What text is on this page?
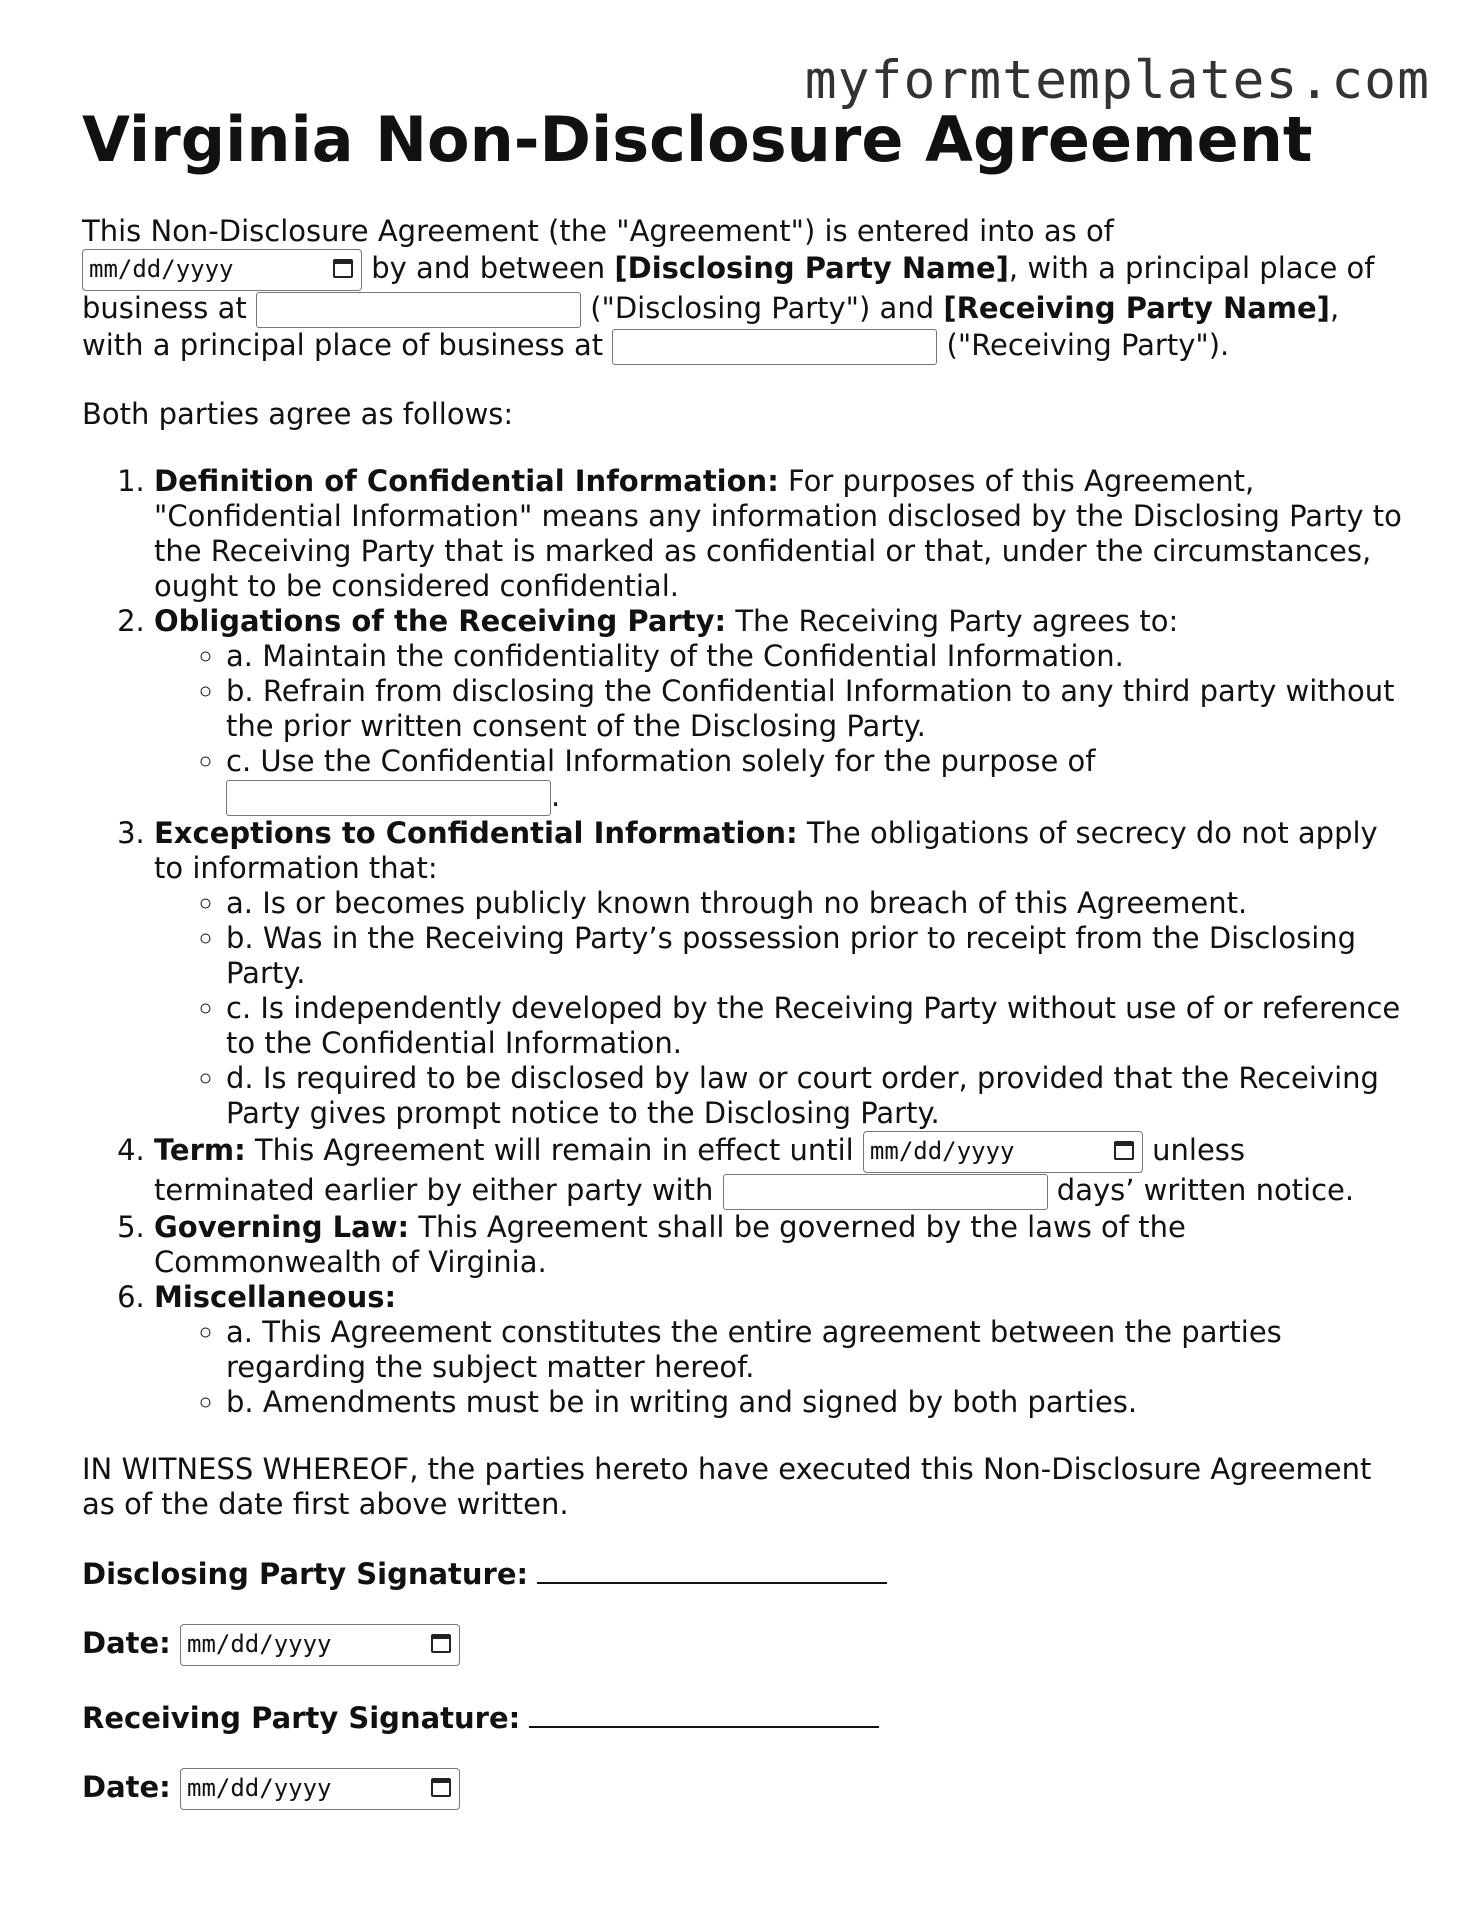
myformtemplates.com
Virginia Non-Disclosure Agreement

This Non-Disclosure Agreement (the "Agreement") is entered into as of
mm/dd/yyyy	by and between [Disclosing Party Name], with a principal place of business at	("Disclosing Party") and [Receiving Party Name], with a principal place of business at	("Receiving Party").

Both parties agree as follows:

1. Definition of Confidential Information: For purposes of this Agreement, "Confidential Information" means any information disclosed by the Disclosing Party to the Receiving Party that is marked as confidential or that, under the circumstances, ought to be considered confidential.
2. Obligations of the Receiving Party: The Receiving Party agrees to:
◦ a. Maintain the confidentiality of the Confidential Information.
◦ b. Refrain from disclosing the Confidential Information to any third party without the prior written consent of the Disclosing Party.
◦ c. Use the Confidential Information solely for the purpose of
.
3. Exceptions to Confidential Information: The obligations of secrecy do not apply to information that:
◦ a. Is or becomes publicly known through no breach of this Agreement.
◦ b. Was in the Receiving Party’s possession prior to receipt from the Disclosing Party.
◦ c. Is independently developed by the Receiving Party without use of or reference to the Confidential Information.
◦ d. Is required to be disclosed by law or court order, provided that the Receiving Party gives prompt notice to the Disclosing Party.
4. Term: This Agreement will remain in effect until mm/dd/yyyy	unless terminated earlier by either party with	days’ written notice.
5. Governing Law: This Agreement shall be governed by the laws of the Commonwealth of Virginia.
6. Miscellaneous:
◦ a. This Agreement constitutes the entire agreement between the parties regarding the subject matter hereof.
◦ b. Amendments must be in writing and signed by both parties.

IN WITNESS WHEREOF, the parties hereto have executed this Non-Disclosure Agreement as of the date first above written.

Disclosing Party Signature:
Date: mm/dd/yyyy
Receiving Party Signature:
Date: mm/dd/yyyy
